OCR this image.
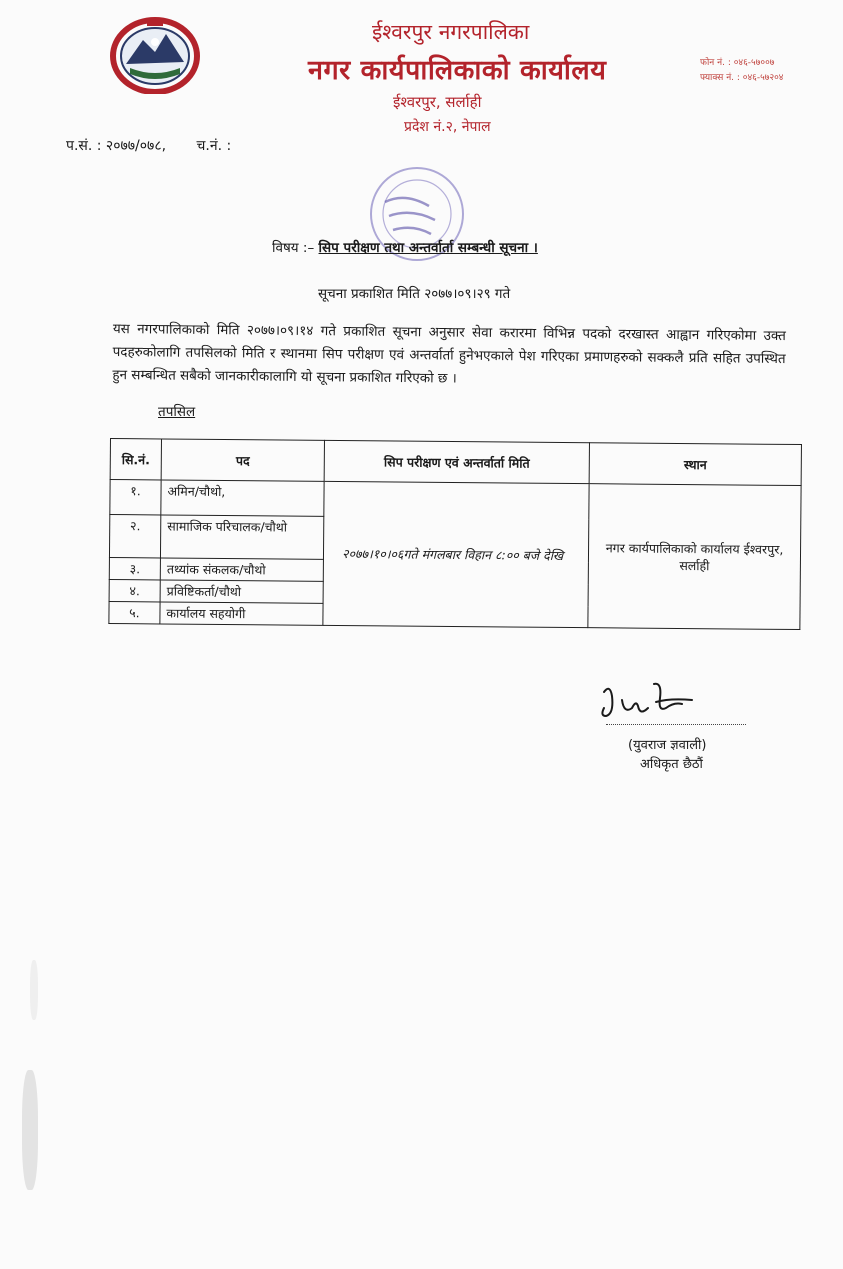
ईश्वरपुर नगरपालिका
नगर कार्यपालिकाको कार्यालय
ईश्वरपुर, सर्लाही
प्रदेश नं.२, नेपाल
फोन नं. : ०४६-५७००७
फ्याक्स नं. : ०४६-५७२०४
प.सं. : २०७७/०७८, च.नं. :
विषय :– सिप परीक्षण तथा अन्तर्वार्ता सम्बन्धी सूचना ।
सूचना प्रकाशित मिति २०७७।०९।२९ गते
यस नगरपालिकाको मिति २०७७।०९।१४ गते प्रकाशित सूचना अनुसार सेवा करारमा विभिन्न पदको दरखास्त आह्वान गरिएकोमा उक्त पदहरुकोलागि तपसिलको मिति र स्थानमा सिप परीक्षण एवं अन्तर्वार्ता हुनेभएकाले पेश गरिएका प्रमाणहरुको सक्कलै प्रति सहित उपस्थित हुन सम्बन्धित सबैको जानकारीकालागि यो सूचना प्रकाशित गरिएको छ ।
तपसिल
सि.नं.	पद	सिप परीक्षण एवं अन्तर्वार्ता मिति	स्थान
१.	अमिन/चौथो,	२०७७।१०।०६गते मंगलबार विहान ८:०० बजे देखि	नगर कार्यपालिकाको कार्यालय ईश्वरपुर, सर्लाही
२.	सामाजिक परिचालक/चौथो		
३.	तथ्यांक संकलक/चौथो		
४.	प्रविष्टिकर्ता/चौथो		
५.	कार्यालय सहयोगी		
(युवराज ज्ञवाली)
अधिकृत छैठौं
